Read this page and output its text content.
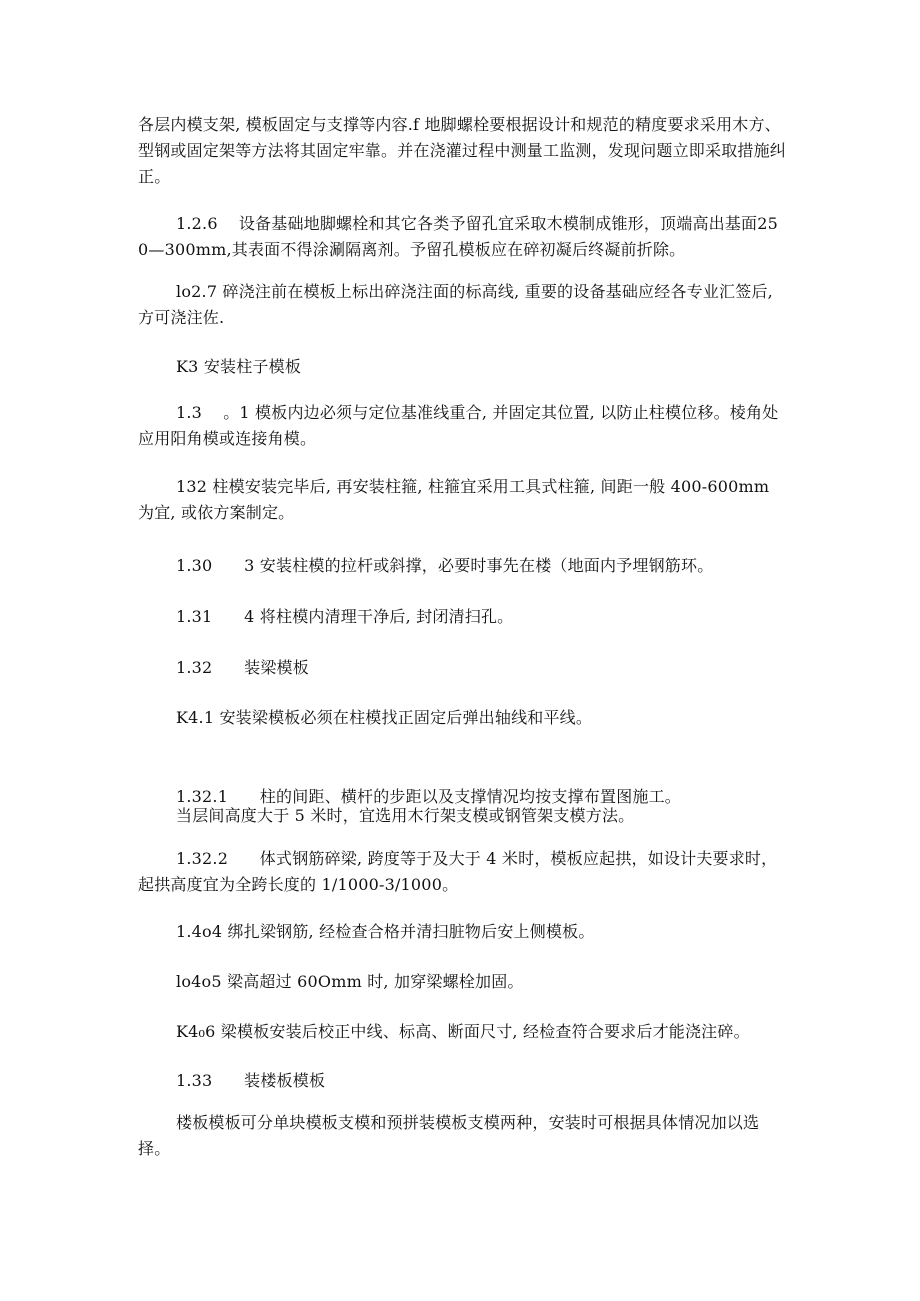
各层内模支架, 模板固定与支撑等内容.f 地脚螺栓要根据设计和规范的精度要求采用木方、型钢或固定架等方法将其固定牢靠。并在浇灌过程中测量工监测，发现问题立即采取措施纠正。

1.2.6    设备基础地脚螺栓和其它各类予留孔宜采取木模制成锥形，顶端高出基面250—300mm,其表面不得涂涮隔离剂。予留孔模板应在碎初凝后终凝前折除。

lo2.7 碎浇注前在模板上标出碎浇注面的标高线, 重要的设备基础应经各专业汇签后, 方可浇注佐.

K3 安装柱子模板

1.3    。1 模板内边必须与定位基准线重合, 并固定其位置, 以防止柱模位移。棱角处应用阳角模或连接角模。

132 柱模安装完毕后, 再安装柱箍, 柱箍宜采用工具式柱箍, 间距一般 400-600mm 为宜, 或依方案制定。

1.30      3 安装柱模的拉杆或斜撑，必要时事先在楼（地面内予埋钢筋环。

1.31      4 将柱模内清理干净后, 封闭清扫孔。

1.32      装梁模板

K4.1 安装梁模板必须在柱模找正固定后弹出轴线和平线。

1.32.1      柱的间距、横杆的步距以及支撑情况均按支撑布置图施工。

当层间高度大于 5 米时，宜选用木行架支模或钢管架支模方法。

1.32.2      体式钢筋碎梁, 跨度等于及大于 4 米时，模板应起拱，如设计夫要求时，起拱高度宜为全跨长度的 1/1000-3/1000。

1.4o4 绑扎梁钢筋, 经检查合格并清扫脏物后安上侧模板。

lo4o5 梁高超过 60Omm 时, 加穿梁螺栓加固。

K4₀6 梁模板安装后校正中线、标高、断面尺寸, 经检查符合要求后才能浇注碎。

1.33      装楼板模板

楼板模板可分单块模板支模和预拼装模板支模两种，安装时可根据具体情况加以选择。
